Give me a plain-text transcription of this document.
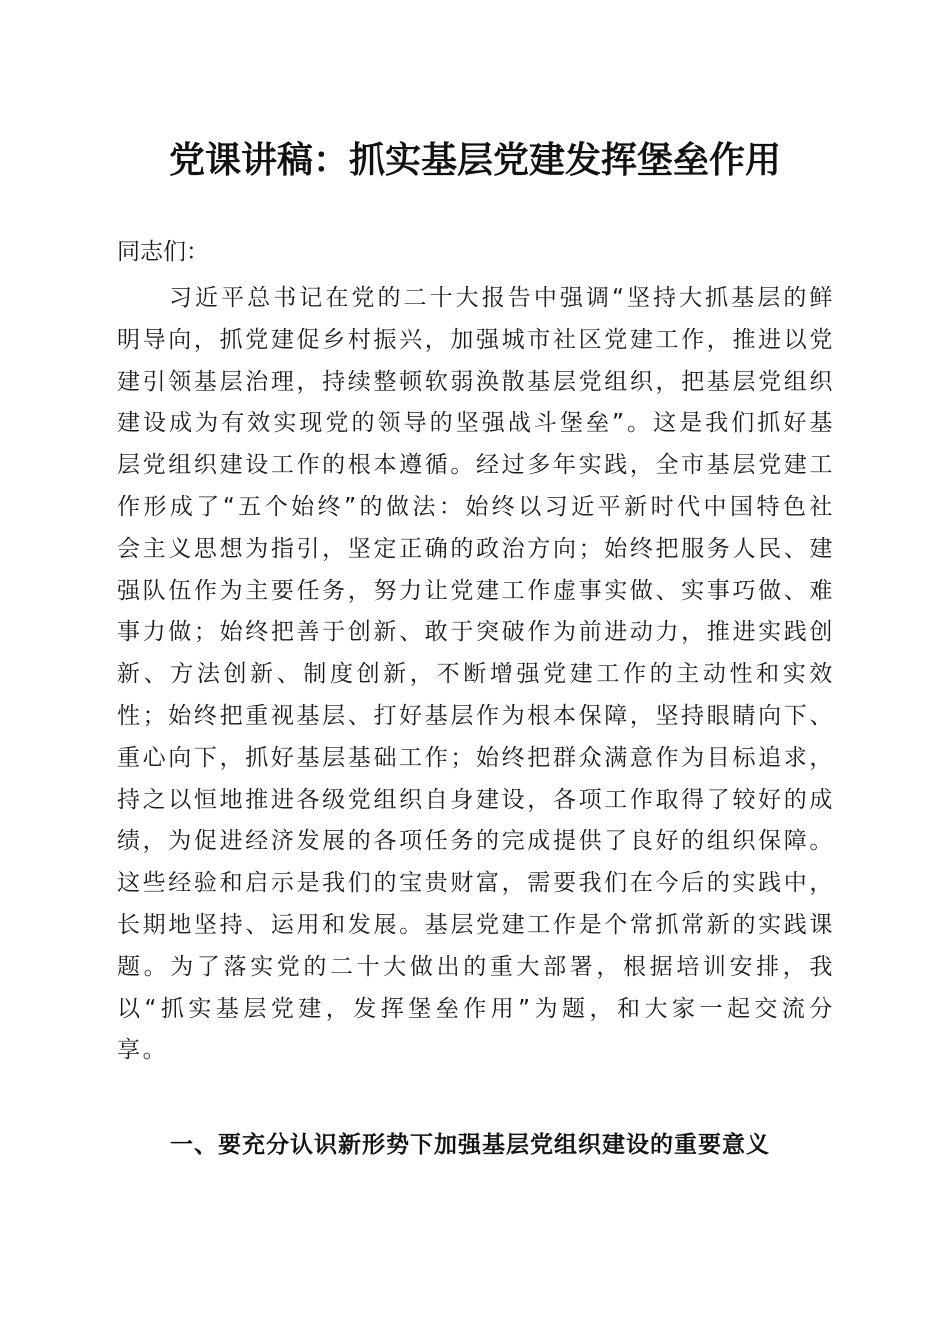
党课讲稿：抓实基层党建发挥堡垒作用

同志们：

习近平总书记在党的二十大报告中强调“坚持大抓基层的鲜明导向，抓党建促乡村振兴，加强城市社区党建工作，推进以党建引领基层治理，持续整顿软弱涣散基层党组织，把基层党组织建设成为有效实现党的领导的坚强战斗堡垒”。这是我们抓好基层党组织建设工作的根本遵循。经过多年实践，全市基层党建工作形成了“五个始终”的做法：始终以习近平新时代中国特色社会主义思想为指引，坚定正确的政治方向；始终把服务人民、建强队伍作为主要任务，努力让党建工作虚事实做、实事巧做、难事力做；始终把善于创新、敢于突破作为前进动力，推进实践创新、方法创新、制度创新，不断增强党建工作的主动性和实效性；始终把重视基层、打好基层作为根本保障，坚持眼睛向下、重心向下，抓好基层基础工作；始终把群众满意作为目标追求，持之以恒地推进各级党组织自身建设，各项工作取得了较好的成绩，为促进经济发展的各项任务的完成提供了良好的组织保障。这些经验和启示是我们的宝贵财富，需要我们在今后的实践中，长期地坚持、运用和发展。基层党建工作是个常抓常新的实践课题。为了落实党的二十大做出的重大部署，根据培训安排，我以“抓实基层党建，发挥堡垒作用”为题，和大家一起交流分享。

一、要充分认识新形势下加强基层党组织建设的重要意义
